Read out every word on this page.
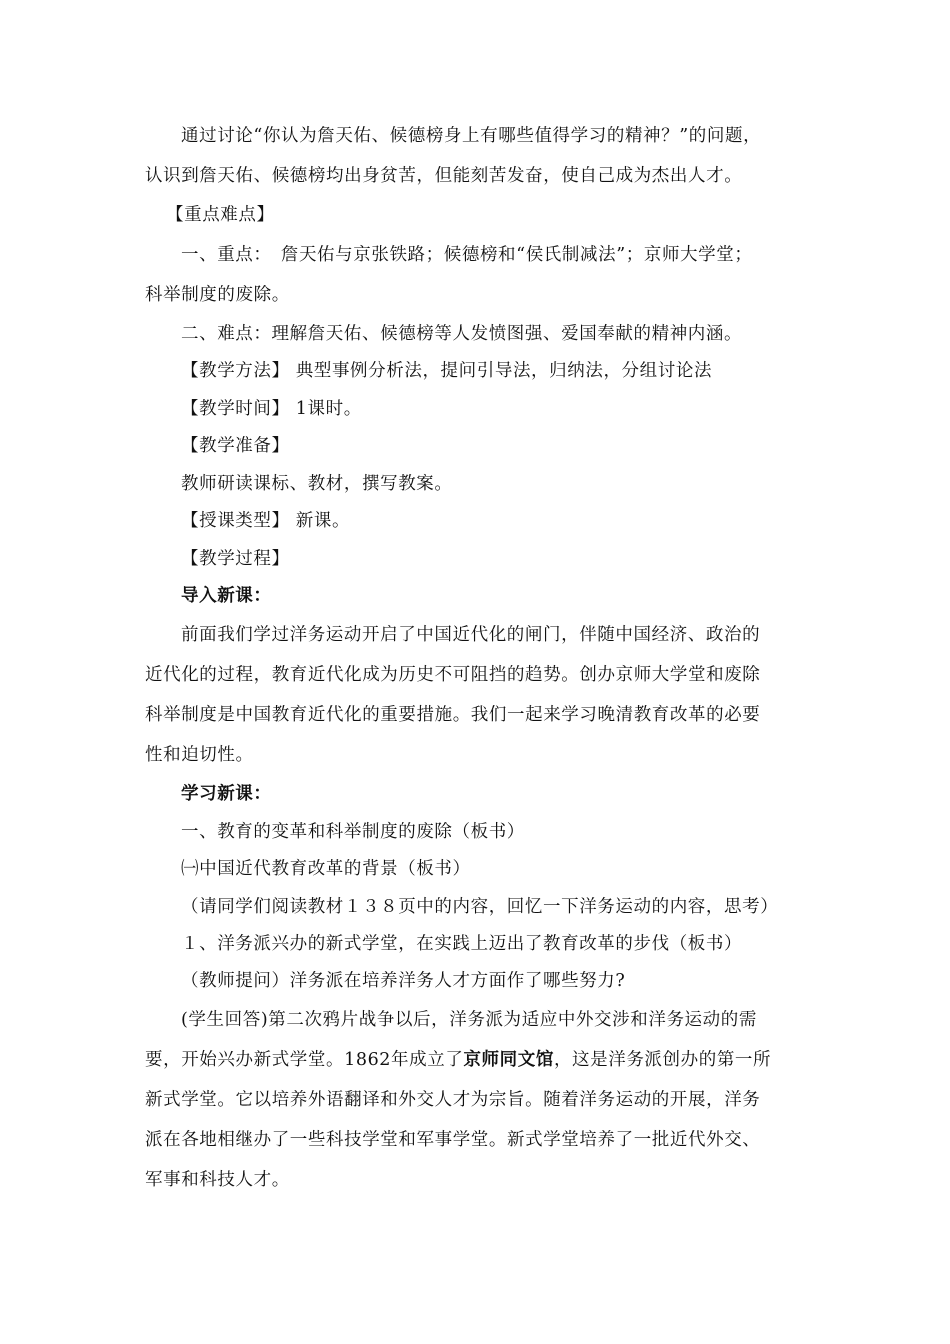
通过讨论“你认为詹天佑、候德榜身上有哪些值得学习的精神？”的问题，
认识到詹天佑、候德榜均出身贫苦，但能刻苦发奋，使自己成为杰出人才。
【重点难点】
一、重点：　詹天佑与京张铁路；候德榜和“侯氏制减法”；京师大学堂；
科举制度的废除。
二、难点：理解詹天佑、候德榜等人发愤图强、爱国奉献的精神内涵。
【教学方法】 典型事例分析法，提问引导法，归纳法，分组讨论法
【教学时间】 1课时。
【教学准备】
教师研读课标、教材，撰写教案。
【授课类型】 新课。
【教学过程】
导入新课：
前面我们学过洋务运动开启了中国近代化的闸门，伴随中国经济、政治的
近代化的过程，教育近代化成为历史不可阻挡的趋势。创办京师大学堂和废除
科举制度是中国教育近代化的重要措施。我们一起来学习晚清教育改革的必要
性和迫切性。
学习新课：
一、教育的变革和科举制度的废除（板书）
㈠中国近代教育改革的背景（板书）
（请同学们阅读教材１３８页中的内容，回忆一下洋务运动的内容，思考）
１、洋务派兴办的新式学堂，在实践上迈出了教育改革的步伐（板书）
（教师提问）洋务派在培养洋务人才方面作了哪些努力?
(学生回答)第二次鸦片战争以后，洋务派为适应中外交涉和洋务运动的需
要，开始兴办新式学堂。1862年成立了京师同文馆，这是洋务派创办的第一所
新式学堂。它以培养外语翻译和外交人才为宗旨。随着洋务运动的开展，洋务
派在各地相继办了一些科技学堂和军事学堂。新式学堂培养了一批近代外交、
军事和科技人才。
